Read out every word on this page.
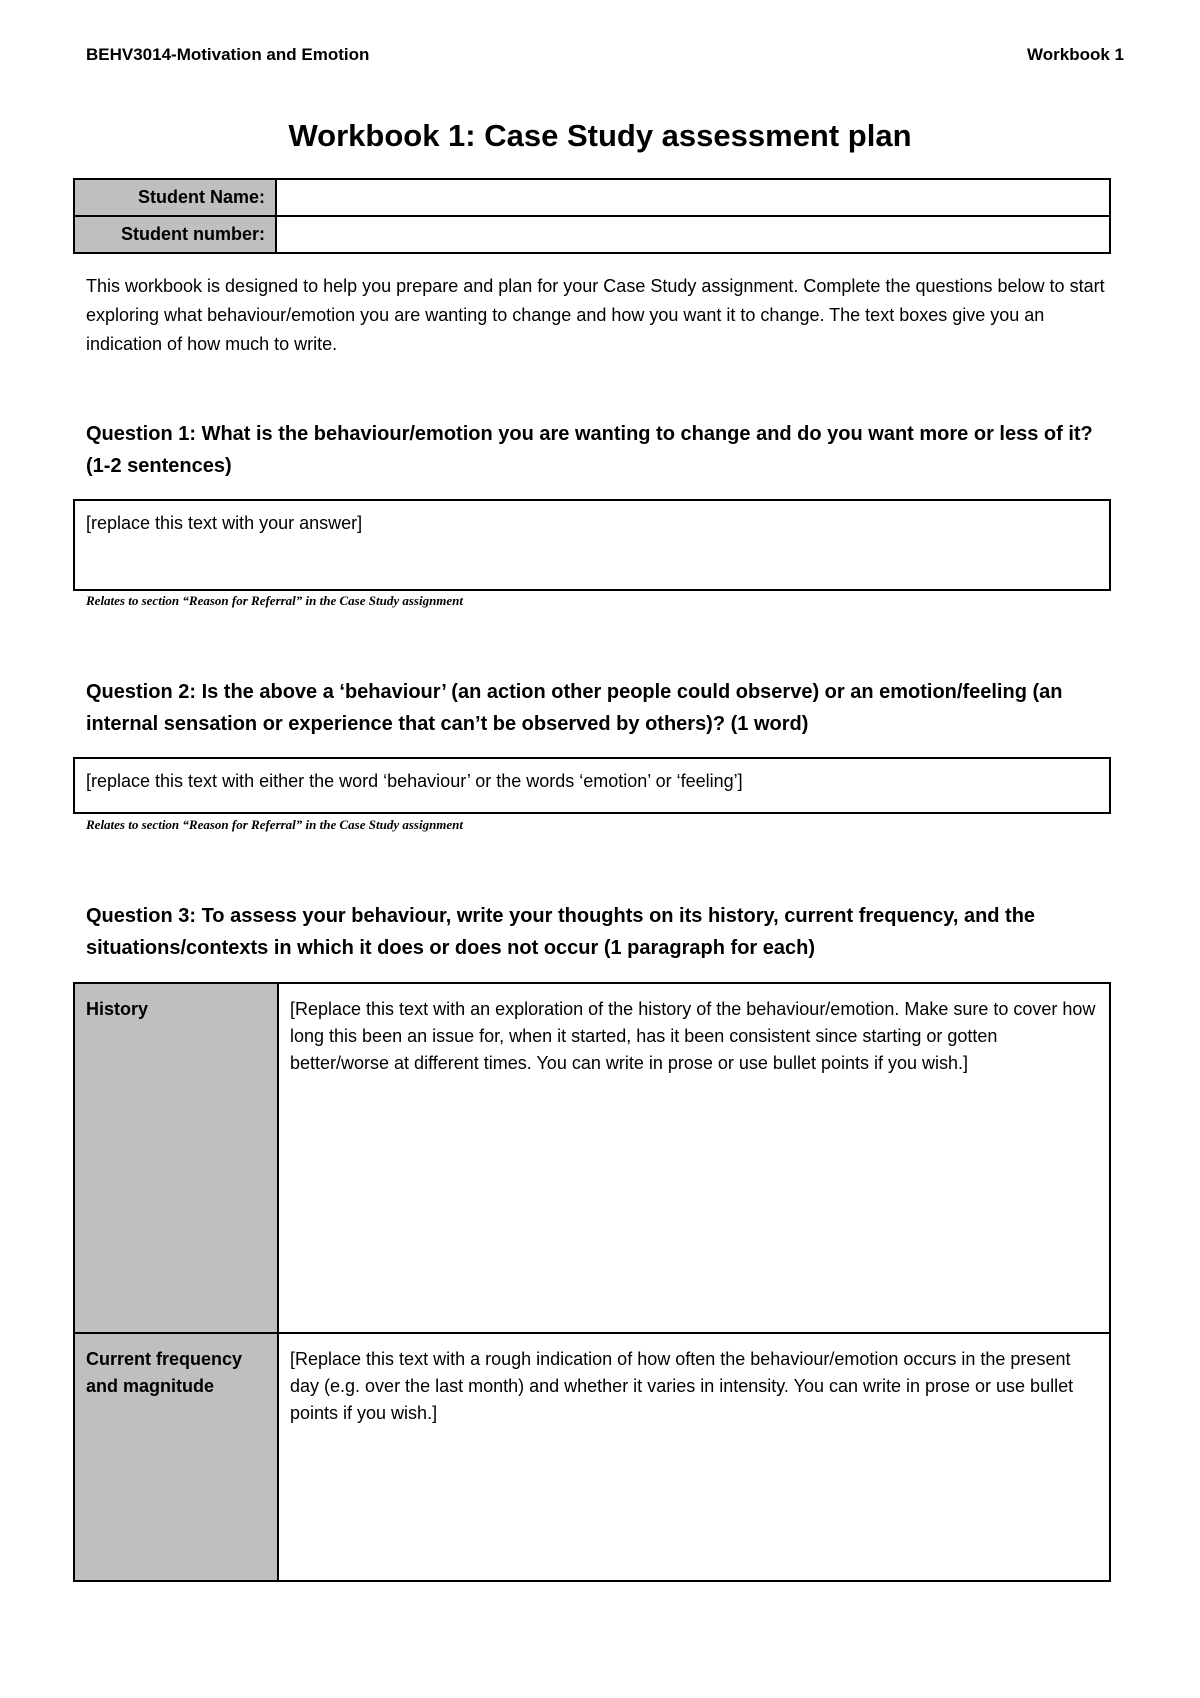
BEHV3014-Motivation and Emotion	Workbook 1
Workbook 1: Case Study assessment plan
Student Name:	
Student number:	
This workbook is designed to help you prepare and plan for your Case Study assignment. Complete the questions below to start exploring what behaviour/emotion you are wanting to change and how you want it to change. The text boxes give you an indication of how much to write.
Question 1: What is the behaviour/emotion you are wanting to change and do you want more or less of it? (1-2 sentences)
[replace this text with your answer]
Relates to section “Reason for Referral” in the Case Study assignment
Question 2: Is the above a ‘behaviour’ (an action other people could observe) or an emotion/feeling (an internal sensation or experience that can’t be observed by others)? (1 word)
[replace this text with either the word ‘behaviour’ or the words ‘emotion’ or ‘feeling’]
Relates to section “Reason for Referral” in the Case Study assignment
Question 3: To assess your behaviour, write your thoughts on its history, current frequency, and the situations/contexts in which it does or does not occur (1 paragraph for each)
History	[Replace this text with an exploration of the history of the behaviour/emotion. Make sure to cover how long this been an issue for, when it started, has it been consistent since starting or gotten better/worse at different times. You can write in prose or use bullet points if you wish.]
Current frequency and magnitude	[Replace this text with a rough indication of how often the behaviour/emotion occurs in the present day (e.g. over the last month) and whether it varies in intensity. You can write in prose or use bullet points if you wish.]
